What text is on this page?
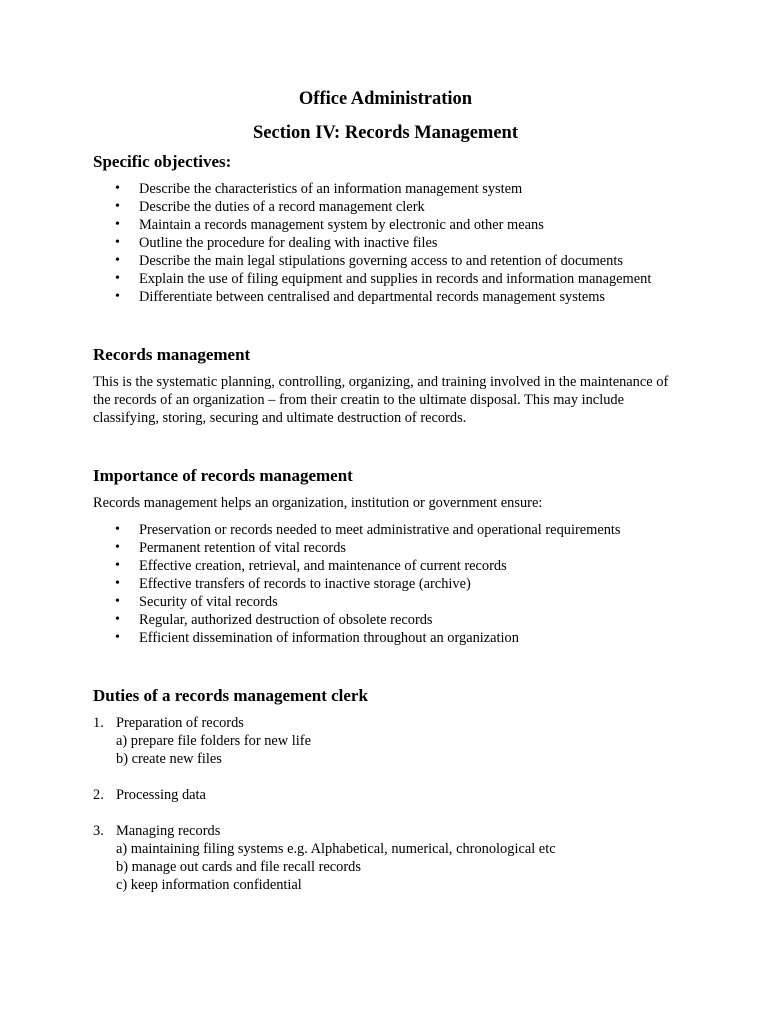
Office Administration
Section IV: Records Management
Specific objectives:
• Describe the characteristics of an information management system
• Describe the duties of a record management clerk
• Maintain a records management system by electronic and other means
• Outline the procedure for dealing with inactive files
• Describe the main legal stipulations governing access to and retention of documents
• Explain the use of filing equipment and supplies in records and information management
• Differentiate between centralised and departmental records management systems
Records management

This is the systematic planning, controlling, organizing, and training involved in the maintenance of the records of an organization – from their creatin to the ultimate disposal. This may include classifying, storing, securing and ultimate destruction of records.

Importance of records management

Records management helps an organization, institution or government ensure:

• Preservation or records needed to meet administrative and operational requirements
• Permanent retention of vital records
• Effective creation, retrieval, and maintenance of current records
• Effective transfers of records to inactive storage (archive)
• Security of vital records
• Regular, authorized destruction of obsolete records
• Efficient dissemination of information throughout an organization
Duties of a records management clerk
1. Preparation of records
a) prepare file folders for new life
b) create new files
2. Processing data
3. Managing records
a) maintaining filing systems e.g. Alphabetical, numerical, chronological etc
b) manage out cards and file recall records
c) keep information confidential
